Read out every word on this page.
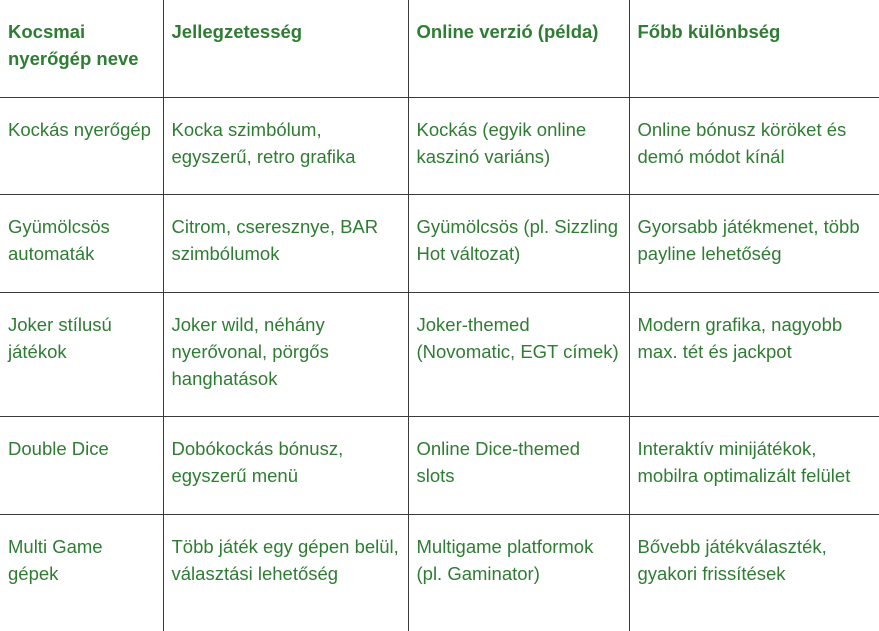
Kocsmai nyerőgép neve	Jellegzetesség	Online verzió (példa)	Főbb különbség
Kockás nyerőgép	Kocka szimbólum, egyszerű, retro grafika	Kockás (egyik online kaszinó variáns)	Online bónusz köröket és demó módot kínál
Gyümölcsös automaták	Citrom, cseresznye, BAR szimbólumok	Gyümölcsös (pl. Sizzling Hot változat)	Gyorsabb játékmenet, több payline lehetőség
Joker stílusú játékok	Joker wild, néhány nyerővonal, pörgős hanghatások	Joker-themed (Novomatic, EGT címek)	Modern grafika, nagyobb max. tét és jackpot
Double Dice	Dobókockás bónusz, egyszerű menü	Online Dice-themed slots	Interaktív minijátékok, mobilra optimalizált felület
Multi Game gépek	Több játék egy gépen belül, választási lehetőség	Multigame platformok (pl. Gaminator)	Bővebb játékválaszték, gyakori frissítések
